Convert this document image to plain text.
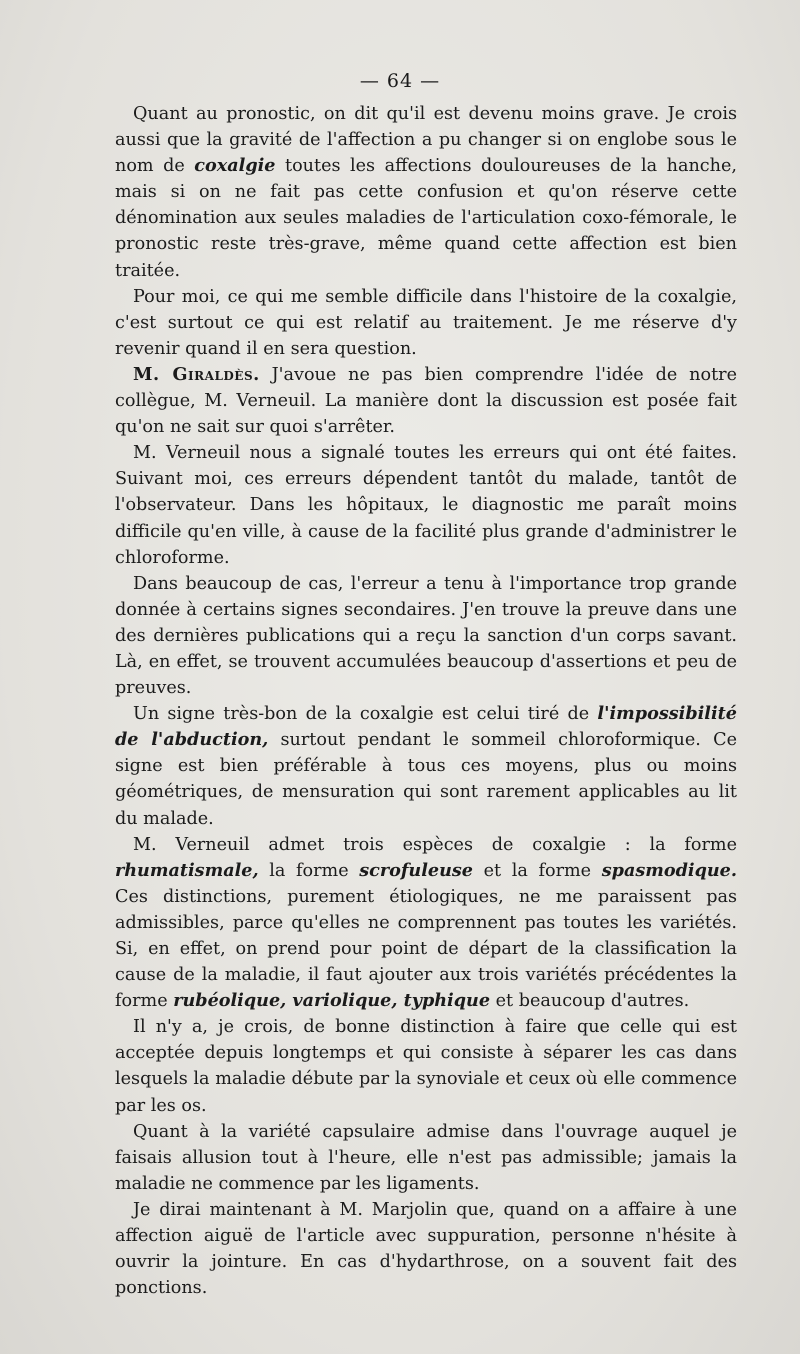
— 64 —

Quant au pronostic, on dit qu'il est devenu moins grave. Je crois aussi que la gravité de l'affection a pu changer si on englobe sous le nom de coxalgie toutes les affections douloureuses de la hanche, mais si on ne fait pas cette confusion et qu'on réserve cette dénomination aux seules maladies de l'articulation coxo-fémorale, le pronostic reste très-grave, même quand cette affection est bien traitée.

Pour moi, ce qui me semble difficile dans l'histoire de la coxalgie, c'est surtout ce qui est relatif au traitement. Je me réserve d'y revenir quand il en sera question.

M. Giraldès. J'avoue ne pas bien comprendre l'idée de notre collègue, M. Verneuil. La manière dont la discussion est posée fait qu'on ne sait sur quoi s'arrêter.

M. Verneuil nous a signalé toutes les erreurs qui ont été faites. Suivant moi, ces erreurs dépendent tantôt du malade, tantôt de l'observateur. Dans les hôpitaux, le diagnostic me paraît moins difficile qu'en ville, à cause de la facilité plus grande d'administrer le chloroforme.

Dans beaucoup de cas, l'erreur a tenu à l'importance trop grande donnée à certains signes secondaires. J'en trouve la preuve dans une des dernières publications qui a reçu la sanction d'un corps savant. Là, en effet, se trouvent accumulées beaucoup d'assertions et peu de preuves.

Un signe très-bon de la coxalgie est celui tiré de l'impossibilité de l'abduction, surtout pendant le sommeil chloroformique. Ce signe est bien préférable à tous ces moyens, plus ou moins géométriques, de mensuration qui sont rarement applicables au lit du malade.

M. Verneuil admet trois espèces de coxalgie : la forme rhumatismale, la forme scrofuleuse et la forme spasmodique. Ces distinctions, purement étiologiques, ne me paraissent pas admissibles, parce qu'elles ne comprennent pas toutes les variétés. Si, en effet, on prend pour point de départ de la classification la cause de la maladie, il faut ajouter aux trois variétés précédentes la forme rubéolique, variolique, typhique et beaucoup d'autres.

Il n'y a, je crois, de bonne distinction à faire que celle qui est acceptée depuis longtemps et qui consiste à séparer les cas dans lesquels la maladie débute par la synoviale et ceux où elle commence par les os.

Quant à la variété capsulaire admise dans l'ouvrage auquel je faisais allusion tout à l'heure, elle n'est pas admissible; jamais la maladie ne commence par les ligaments.

Je dirai maintenant à M. Marjolin que, quand on a affaire à une affection aiguë de l'article avec suppuration, personne n'hésite à ouvrir la jointure. En cas d'hydarthrose, on a souvent fait des ponctions.
